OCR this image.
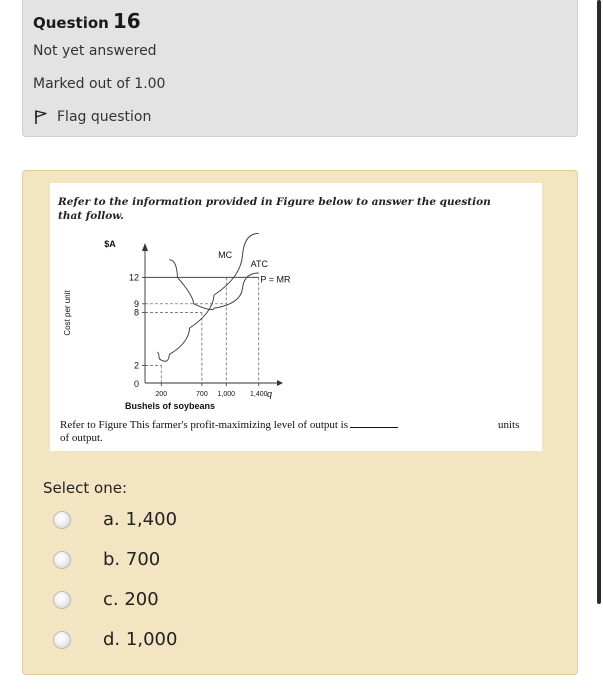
Question 16
Not yet answered
Marked out of 1.00
Flag question
Refer to the information provided in Figure below to answer the question that follow.
$A
Cost per unit
Bushels of soybeans
q
12
9
8
2
0
200	700 1,000 1,400
MC
ATC
P = MR
Refer to Figure This farmer's profit-maximizing level of output is
of output.
units
Select one:
a. 1,400
b. 700
c. 200
d. 1,000
